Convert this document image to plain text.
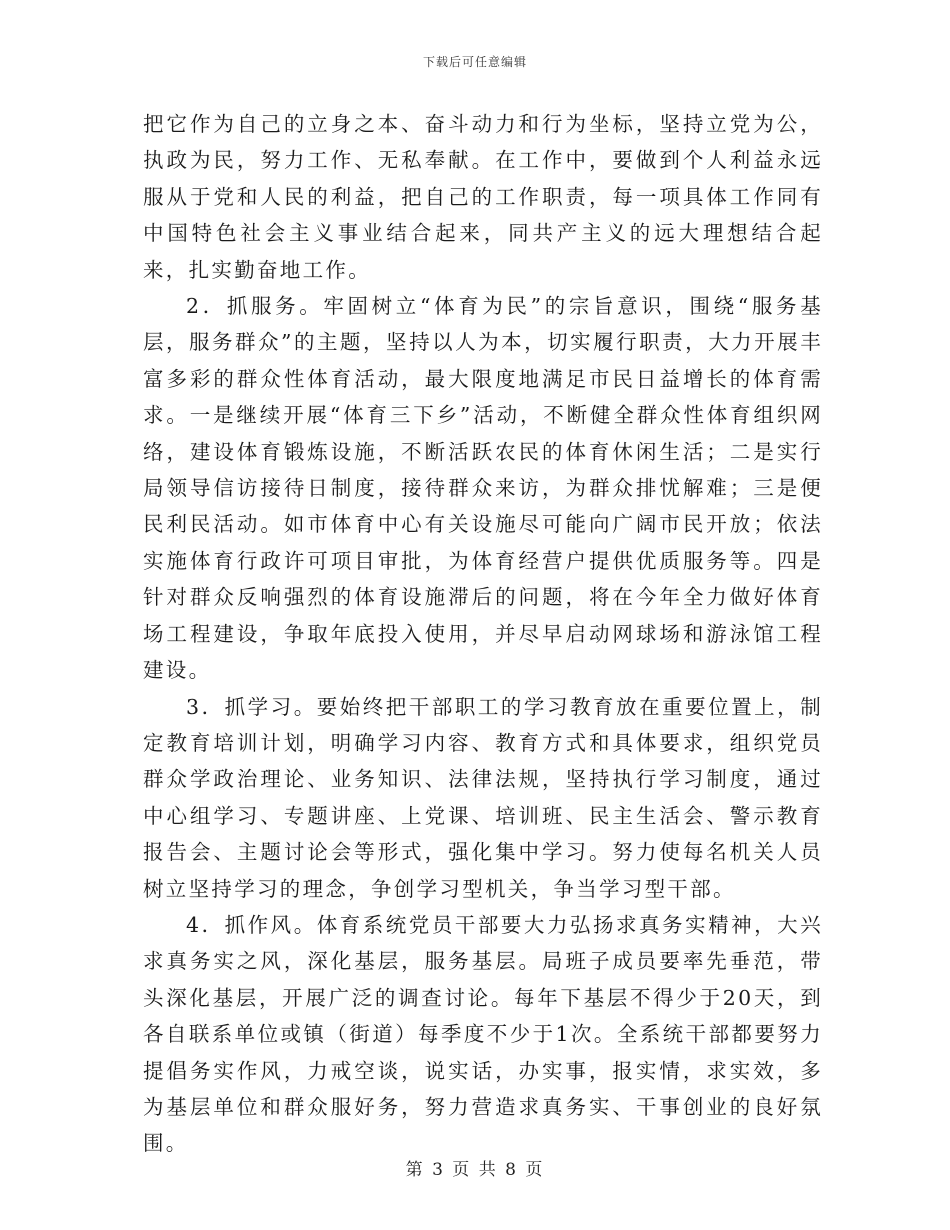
下载后可任意编辑

把它作为自己的立身之本、奋斗动力和行为坐标，坚持立党为公，执政为民，努力工作、无私奉献。在工作中，要做到个人利益永远服从于党和人民的利益，把自己的工作职责，每一项具体工作同有中国特色社会主义事业结合起来，同共产主义的远大理想结合起来，扎实勤奋地工作。

2．抓服务。牢固树立“体育为民”的宗旨意识，围绕“服务基层，服务群众”的主题，坚持以人为本，切实履行职责，大力开展丰富多彩的群众性体育活动，最大限度地满足市民日益增长的体育需求。一是继续开展“体育三下乡”活动，不断健全群众性体育组织网络，建设体育锻炼设施，不断活跃农民的体育休闲生活；二是实行局领导信访接待日制度，接待群众来访，为群众排忧解难；三是便民利民活动。如市体育中心有关设施尽可能向广阔市民开放；依法实施体育行政许可项目审批，为体育经营户提供优质服务等。四是针对群众反响强烈的体育设施滞后的问题，将在今年全力做好体育场工程建设，争取年底投入使用，并尽早启动网球场和游泳馆工程建设。

3．抓学习。要始终把干部职工的学习教育放在重要位置上，制定教育培训计划，明确学习内容、教育方式和具体要求，组织党员群众学政治理论、业务知识、法律法规，坚持执行学习制度，通过中心组学习、专题讲座、上党课、培训班、民主生活会、警示教育报告会、主题讨论会等形式，强化集中学习。努力使每名机关人员树立坚持学习的理念，争创学习型机关，争当学习型干部。

4．抓作风。体育系统党员干部要大力弘扬求真务实精神，大兴求真务实之风，深化基层，服务基层。局班子成员要率先垂范，带头深化基层，开展广泛的调查讨论。每年下基层不得少于20天，到各自联系单位或镇（街道）每季度不少于1次。全系统干部都要努力提倡务实作风，力戒空谈，说实话，办实事，报实情，求实效，多为基层单位和群众服好务，努力营造求真务实、干事创业的良好氛围。

第 3 页 共 8 页
